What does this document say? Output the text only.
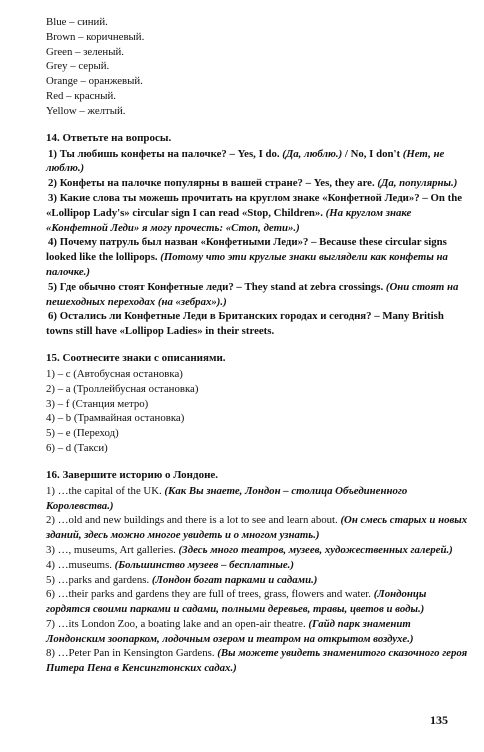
Blue – синий.
Brown – коричневый.
Green – зеленый.
Grey – серый.
Orange – оранжевый.
Red – красный.
Yellow – желтый.
14. Ответьте на вопросы.

1) Ты любишь конфеты на палочке? – Yes, I do. (Да, люблю.) / No, I don't (Нет, не люблю.)

2) Конфеты на палочке популярны в вашей стране? – Yes, they are. (Да, популярны.)

3) Какие слова ты можешь прочитать на круглом знаке «Конфетной Леди»? – On the «Lollipop Lady's» circular sign I can read «Stop, Children». (На круглом знаке «Конфетной Леди» я могу прочесть: «Стоп, дети».)

4) Почему патруль был назван «Конфетными Леди»? – Because these circular signs looked like the lollipops. (Потому что эти круглые знаки выглядели как конфеты на палочке.)

5) Где обычно стоят Конфетные леди? – They stand at zebra crossings. (Они стоят на пешеходных переходах (на «зебрах»).)

6) Остались ли Конфетные Леди в Британских городах и сегодня? – Many British towns still have «Lollipop Ladies» in their streets.

15. Соотнесите знаки с описаниями.
1) – c (Автобусная остановка)
2) – a (Троллейбусная остановка)
3) – f (Станция метро)
4) – b (Трамвайная остановка)
5) – e (Переход)
6) – d (Такси)
16. Завершите историю о Лондоне.

1) …the capital of the UK. (Как Вы знаете, Лондон – столица Объединенного Королевства.)

2) …old and new buildings and there is a lot to see and learn about. (Он смесь старых и новых зданий, здесь можно многое увидеть и о многом узнать.)

3) …, museums, Art galleries. (Здесь много театров, музеев, художественных галерей.)

4) …museums. (Большинство музеев – бесплатные.)

5) …parks and gardens. (Лондон богат парками и садами.)

6) …their parks and gardens they are full of trees, grass, flowers and water. (Лондонцы гордятся своими парками и садами, полными деревьев, травы, цветов и воды.)

7) …its London Zoo, a boating lake and an open-air theatre. (Гайд парк знаменит Лондонским зоопарком, лодочным озером и театром на открытом воздухе.)

8) …Peter Pan in Kensington Gardens. (Вы можете увидеть знаменитого сказочного героя Питера Пена в Кенсингтонских садах.)

135
